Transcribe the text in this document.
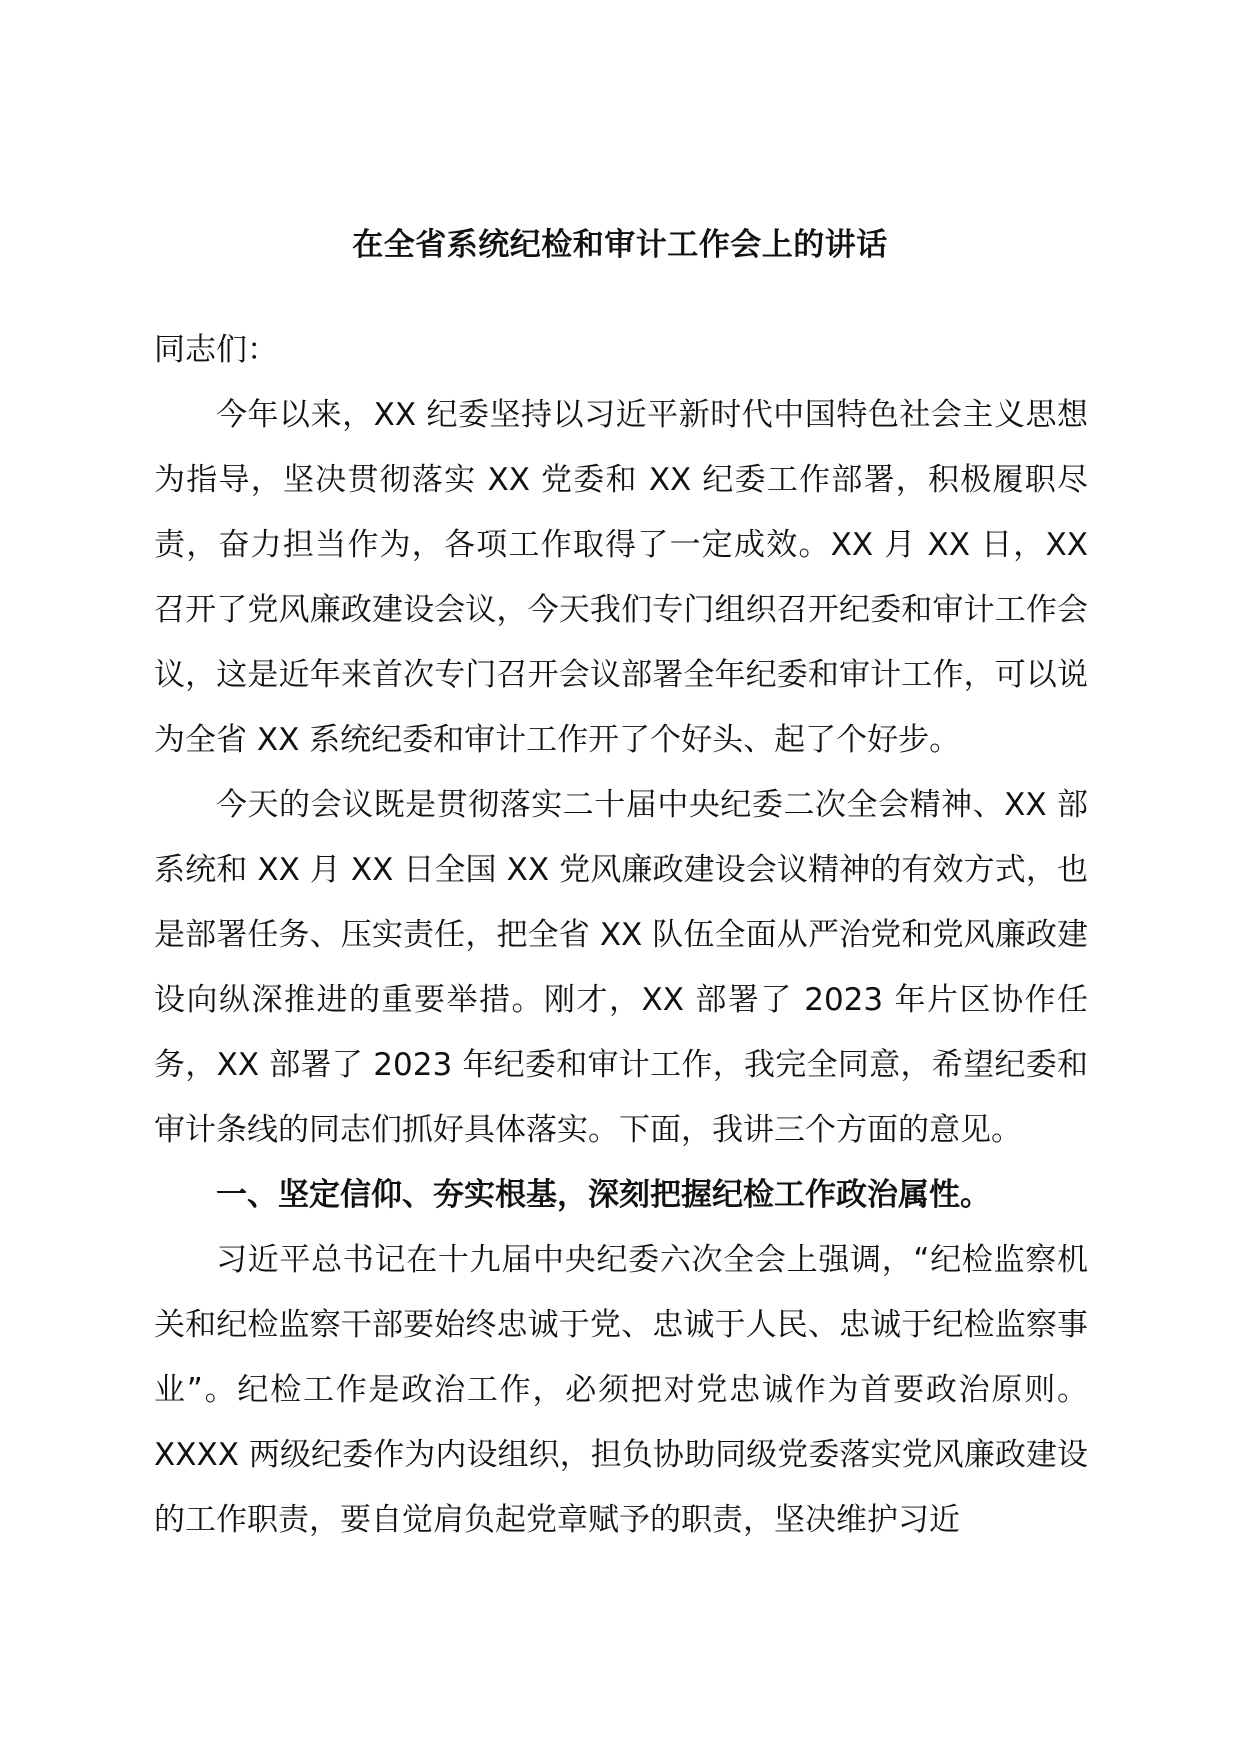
在全省系统纪检和审计工作会上的讲话

同志们：

今年以来，XX 纪委坚持以习近平新时代中国特色社会主义思想为指导，坚决贯彻落实 XX 党委和 XX 纪委工作部署，积极履职尽责，奋力担当作为，各项工作取得了一定成效。XX 月 XX 日，XX 召开了党风廉政建设会议，今天我们专门组织召开纪委和审计工作会议，这是近年来首次专门召开会议部署全年纪委和审计工作，可以说为全省 XX 系统纪委和审计工作开了个好头、起了个好步。

今天的会议既是贯彻落实二十届中央纪委二次全会精神、XX 部系统和 XX 月 XX 日全国 XX 党风廉政建设会议精神的有效方式，也是部署任务、压实责任，把全省 XX 队伍全面从严治党和党风廉政建设向纵深推进的重要举措。刚才，XX 部署了 2023 年片区协作任务，XX 部署了 2023 年纪委和审计工作，我完全同意，希望纪委和审计条线的同志们抓好具体落实。下面，我讲三个方面的意见。

一、坚定信仰、夯实根基，深刻把握纪检工作政治属性。

习近平总书记在十九届中央纪委六次全会上强调，“纪检监察机关和纪检监察干部要始终忠诚于党、忠诚于人民、忠诚于纪检监察事业”。纪检工作是政治工作，必须把对党忠诚作为首要政治原则。XXXX 两级纪委作为内设组织，担负协助同级党委落实党风廉政建设的工作职责，要自觉肩负起党章赋予的职责，坚决维护习近
